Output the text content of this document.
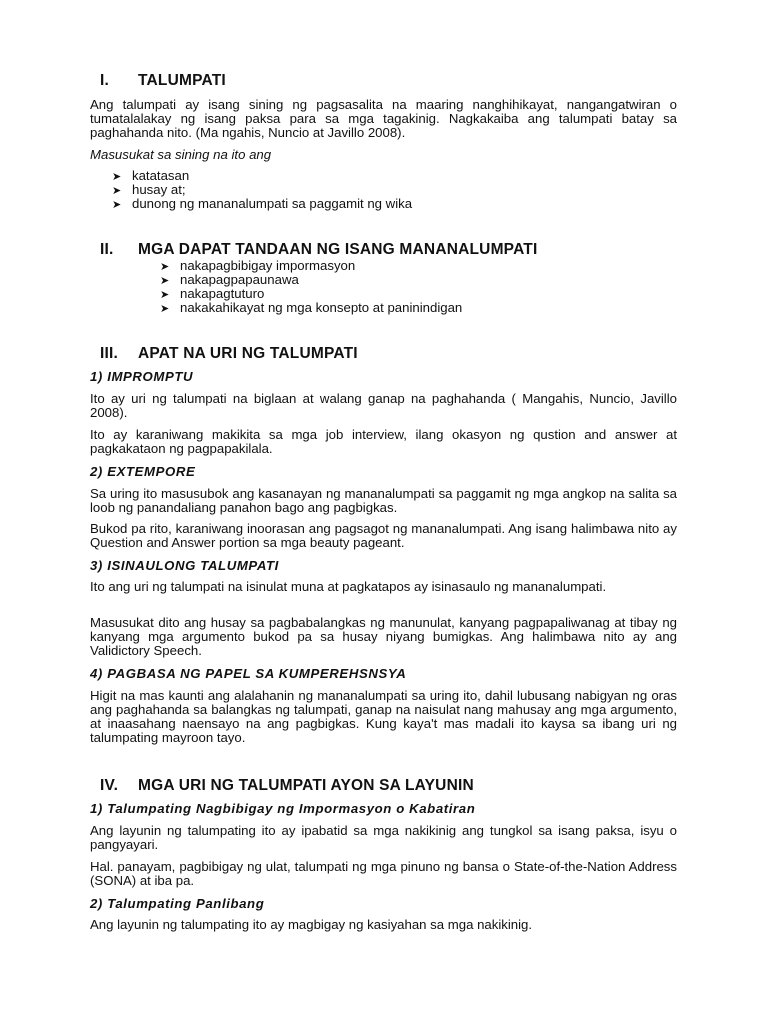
I. TALUMPATI
Ang talumpati ay isang sining ng pagsasalita na maaring nanghihikayat, nangangatwiran o tumatalalakay ng isang paksa para sa mga tagakinig. Nagkakaiba ang talumpati batay sa paghahanda nito. (Ma ngahis, Nuncio at Javillo 2008).
Masusukat sa sining na ito ang
➤ katatasan
➤ husay at;
➤ dunong ng mananalumpati sa paggamit ng wika
II. MGA DAPAT TANDAAN NG ISANG MANANALUMPATI
➤ nakapagbibigay impormasyon
➤ nakapagpapaunawa
➤ nakapagtuturo
➤ nakakahikayat ng mga konsepto at paninindigan
III. APAT NA URI NG TALUMPATI
1) IMPROMPTU
Ito ay uri ng talumpati na biglaan at walang ganap na paghahanda ( Mangahis, Nuncio, Javillo 2008).
Ito ay karaniwang makikita sa mga job interview, ilang okasyon ng qustion and answer at pagkakataon ng pagpapakilala.
2) EXTEMPORE
Sa uring ito masusubok ang kasanayan ng mananalumpati sa paggamit ng mga angkop na salita sa loob ng panandaliang panahon bago ang pagbigkas.
Bukod pa rito, karaniwang inoorasan ang pagsagot ng mananalumpati. Ang isang halimbawa nito ay Question and Answer portion sa mga beauty pageant.
3) ISINAULONG TALUMPATI
Ito ang uri ng talumpati na isinulat muna at pagkatapos ay isinasaulo ng mananalumpati.
Masusukat dito ang husay sa pagbabalangkas ng manunulat, kanyang pagpapaliwanag at tibay ng kanyang mga argumento bukod pa sa husay niyang bumigkas. Ang halimbawa nito ay ang Validictory Speech.
4) PAGBASA NG PAPEL SA KUMPEREHSNSYA
Higit na mas kaunti ang alalahanin ng mananalumpati sa uring ito, dahil lubusang nabigyan ng oras ang paghahanda sa balangkas ng talumpati, ganap na naisulat nang mahusay ang mga argumento, at inaasahang naensayo na ang pagbigkas. Kung kaya't mas madali ito kaysa sa ibang uri ng talumpating mayroon tayo.
IV. MGA URI NG TALUMPATI AYON SA LAYUNIN
1) Talumpating Nagbibigay ng Impormasyon o Kabatiran
Ang layunin ng talumpating ito ay ipabatid sa mga nakikinig ang tungkol sa isang paksa, isyu o pangyayari.
Hal. panayam, pagbibigay ng ulat, talumpati ng mga pinuno ng bansa o State-of-the-Nation Address (SONA) at iba pa.
2) Talumpating Panlibang
Ang layunin ng talumpating ito ay magbigay ng kasiyahan sa mga nakikinig.
